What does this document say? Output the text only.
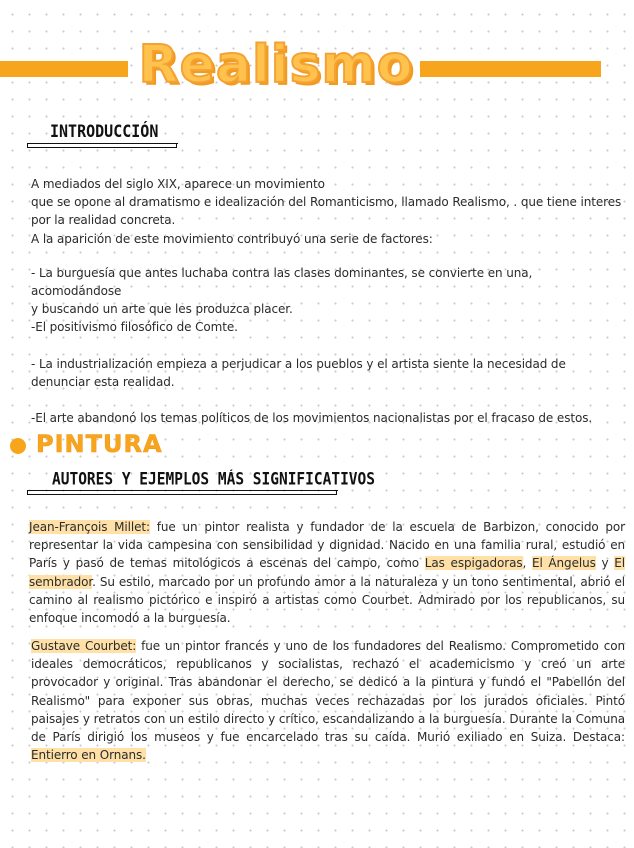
Realismo
INTRODUCCIÓN

A mediados del siglo XIX, aparece un movimiento

que se opone al dramatismo e idealización del Romanticismo, llamado Realismo, . que tiene interes

por la realidad concreta.

A la aparición de este movimiento contribuyó una serie de factores:

- La burguesía que antes luchaba contra las clases dominantes, se convierte en una, acomodándose

y buscando un arte que les produzca placer.

-El positivismo filosófico de Comte.

- La industrialización empieza a perjudicar a los pueblos y el artista siente la necesidad de

denunciar esta realidad.

-El arte abandonó los temas políticos de los movimientos nacionalistas por el fracaso de estos.

PINTURA
AUTORES Y EJEMPLOS MÁS SIGNIFICATIVOS
Jean-François Millet: fue un pintor realista y fundador de la escuela de Barbizon, conocido por representar la vida campesina con sensibilidad y dignidad. Nacido en una familia rural, estudió en París y pasó de temas mitológicos a escenas del campo, como Las espigadoras, El Ángelus y El sembrador. Su estilo, marcado por un profundo amor a la naturaleza y un tono sentimental, abrió el camino al realismo pictórico e inspiró a artistas como Courbet. Admirado por los republicanos, su enfoque incomodó a la burguesía.
Gustave Courbet: fue un pintor francés y uno de los fundadores del Realismo. Comprometido con ideales democráticos, republicanos y socialistas, rechazó el academicismo y creó un arte provocador y original. Tras abandonar el derecho, se dedicó a la pintura y fundó el "Pabellón del Realismo" para exponer sus obras, muchas veces rechazadas por los jurados oficiales. Pintó paisajes y retratos con un estilo directo y crítico, escandalizando a la burguesía. Durante la Comuna de París dirigió los museos y fue encarcelado tras su caída. Murió exiliado en Suiza. Destaca: Entierro en Ornans.
